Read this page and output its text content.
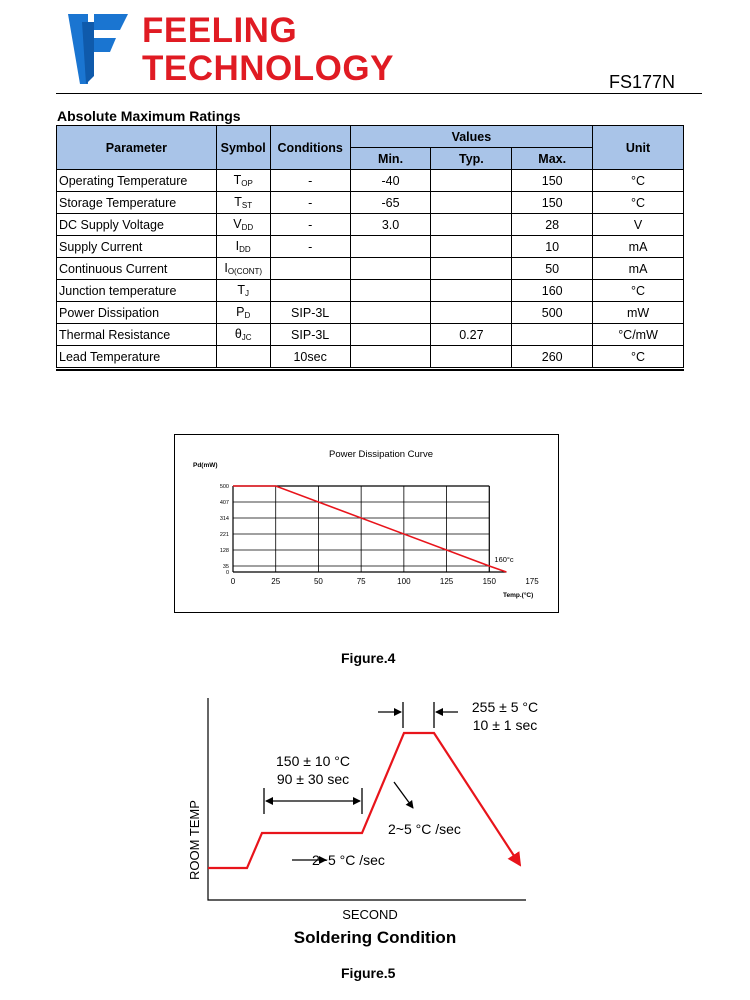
FEELING
TECHNOLOGY	FS177N
Absolute Maximum Ratings
Parameter	Symbol	Conditions	Values			Unit
			Min.	Typ.	Max.	
Operating Temperature	$T_{OP}$	-	-40		150	°C
Storage Temperature	$T_{ST}$	-	-65		150	°C
DC Supply Voltage	$V_{DD}$	-	3.0		28	V
Supply Current	$I_{DD}$	-			10	mA
Continuous Current	$I_{O(CONT)}$				50	mA
Junction temperature	$T_J$				160	°C
Power Dissipation	$P_D$	SIP-3L			500	mW
Thermal Resistance	$\theta_{JC}$	SIP-3L		0.27		°C/mW
Lead Temperature		10sec			260	°C
Power Dissipation Curve
Pd(mW)
Temp.(°C)
0	25	50	75	100	125	150	175
0
35
128
221
314
407
500
160°c
Figure.4
ROOM TEMP
SECOND
150 ± 10 °C
90 ± 30 sec
255 ± 5 °C
10 ± 1 sec
2~5 °C /sec
2~5 °C /sec
Soldering Condition
Figure.5
